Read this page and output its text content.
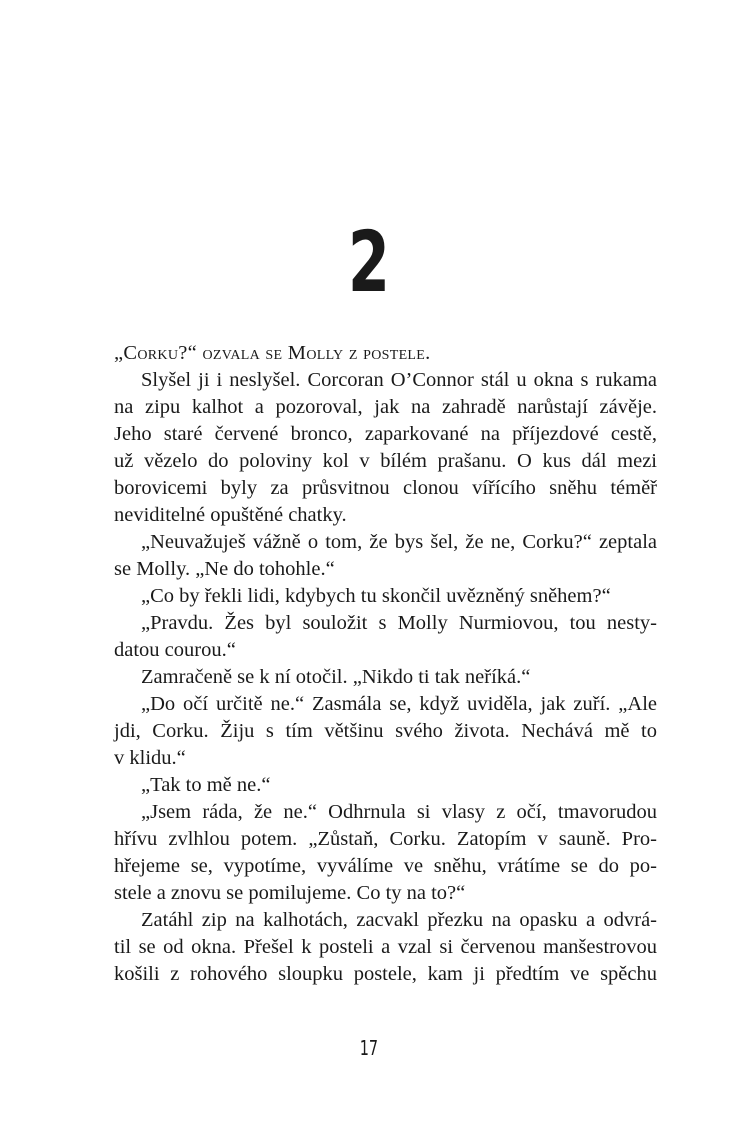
2
„Corku?“ ozvala se Molly z postele.
Slyšel ji i neslyšel. Corcoran O’Connor stál u okna s rukama
na zipu kalhot a pozoroval, jak na zahradě narůstají závěje.
Jeho staré červené bronco, zaparkované na příjezdové cestě,
už vězelo do poloviny kol v bílém prašanu. O kus dál mezi
borovicemi byly za průsvitnou clonou vířícího sněhu téměř
neviditelné opuštěné chatky.
„Neuvažuješ vážně o tom, že bys šel, že ne, Corku?“ zeptala
se Molly. „Ne do tohohle.“
„Co by řekli lidi, kdybych tu skončil uvězněný sněhem?“
„Pravdu. Žes byl souložit s Molly Nurmiovou, tou nesty-
datou courou.“
Zamračeně se k ní otočil. „Nikdo ti tak neříká.“
„Do očí určitě ne.“ Zasmála se, když uviděla, jak zuří. „Ale
jdi, Corku. Žiju s tím většinu svého života. Nechává mě to
v klidu.“
„Tak to mě ne.“
„Jsem ráda, že ne.“ Odhrnula si vlasy z očí, tmavorudou
hřívu zvlhlou potem. „Zůstaň, Corku. Zatopím v sauně. Pro-
hřejeme se, vypotíme, vyválíme ve sněhu, vrátíme se do po-
stele a znovu se pomilujeme. Co ty na to?“
Zatáhl zip na kalhotách, zacvakl přezku na opasku a odvrá-
til se od okna. Přešel k posteli a vzal si červenou manšestrovou
košili z rohového sloupku postele, kam ji předtím ve spěchu
17
